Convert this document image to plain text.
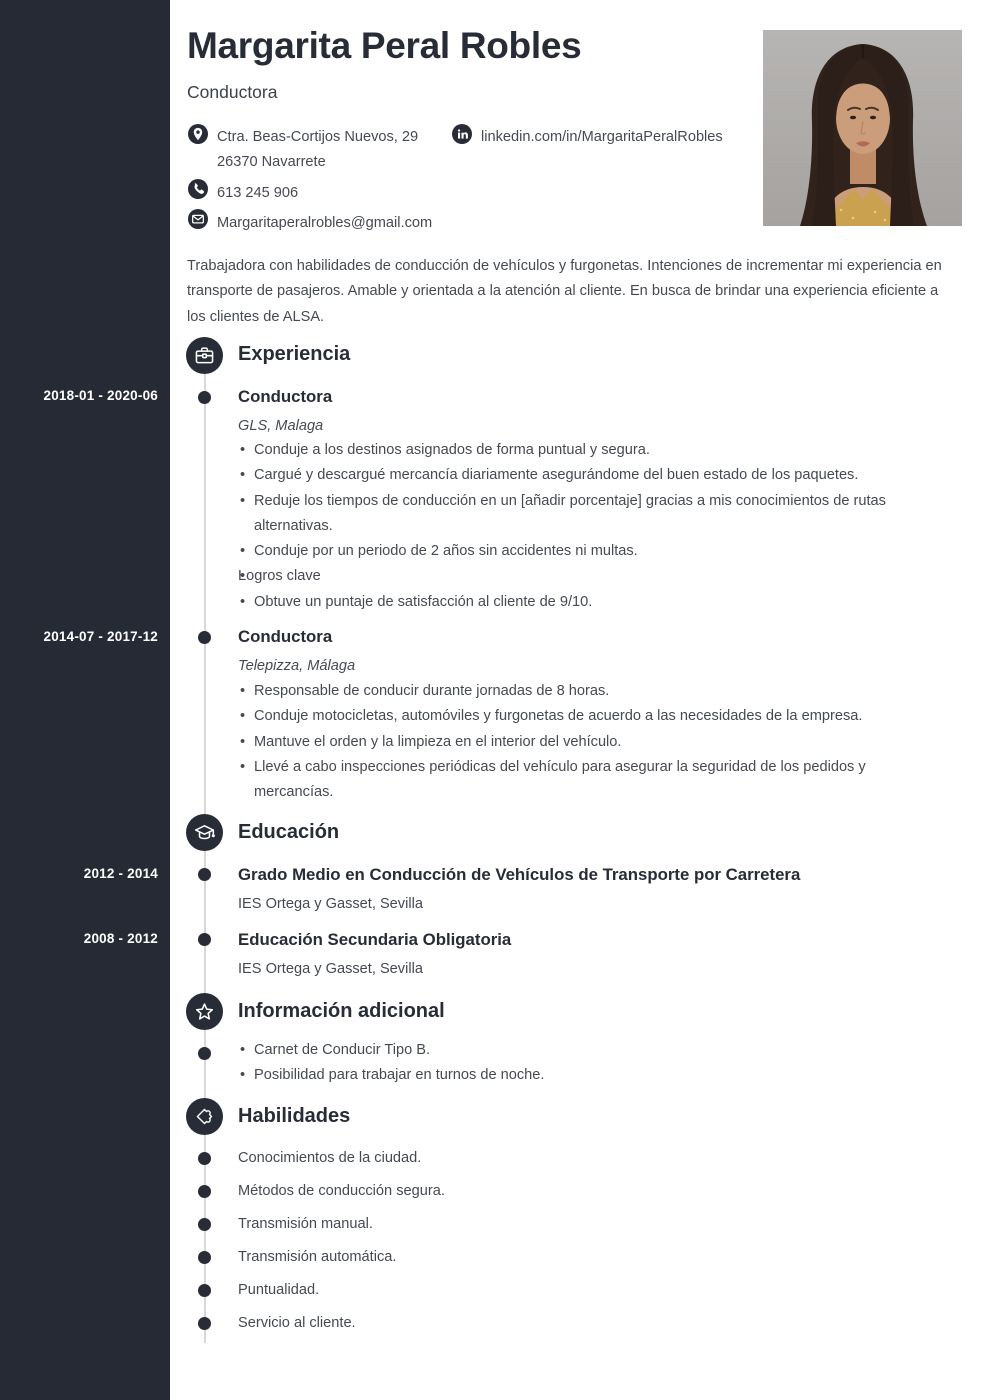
Margarita Peral Robles
Conductora
Ctra. Beas-Cortijos Nuevos, 29
26370 Navarrete
linkedin.com/in/MargaritaPeralRobles
613 245 906
Margaritaperalrobles@gmail.com
Trabajadora con habilidades de conducción de vehículos y furgonetas. Intenciones de incrementar mi experiencia en transporte de pasajeros. Amable y orientada a la atención al cliente. En busca de brindar una experiencia eficiente a los clientes de ALSA.
Experiencia
2018-01 - 2020-06	Conductora
GLS, Malaga
• Conduje a los destinos asignados de forma puntual y segura.
• Cargué y descargué mercancía diariamente asegurándome del buen estado de los paquetes.
• Reduje los tiempos de conducción en un [añadir porcentaje] gracias a mis conocimientos de rutas alternativas.
• Conduje por un periodo de 2 años sin accidentes ni multas.
• Logros clave
• Obtuve un puntaje de satisfacción al cliente de 9/10.
2014-07 - 2017-12	Conductora
Telepizza, Málaga
• Responsable de conducir durante jornadas de 8 horas.
• Conduje motocicletas, automóviles y furgonetas de acuerdo a las necesidades de la empresa.
• Mantuve el orden y la limpieza en el interior del vehículo.
• Llevé a cabo inspecciones periódicas del vehículo para asegurar la seguridad de los pedidos y mercancías.
Educación
2012 - 2014	Grado Medio en Conducción de Vehículos de Transporte por Carretera
IES Ortega y Gasset, Sevilla
2008 - 2012	Educación Secundaria Obligatoria
IES Ortega y Gasset, Sevilla
Información adicional
• Carnet de Conducir Tipo B.
• Posibilidad para trabajar en turnos de noche.
Habilidades
Conocimientos de la ciudad.
Métodos de conducción segura.
Transmisión manual.
Transmisión automática.
Puntualidad.
Servicio al cliente.
